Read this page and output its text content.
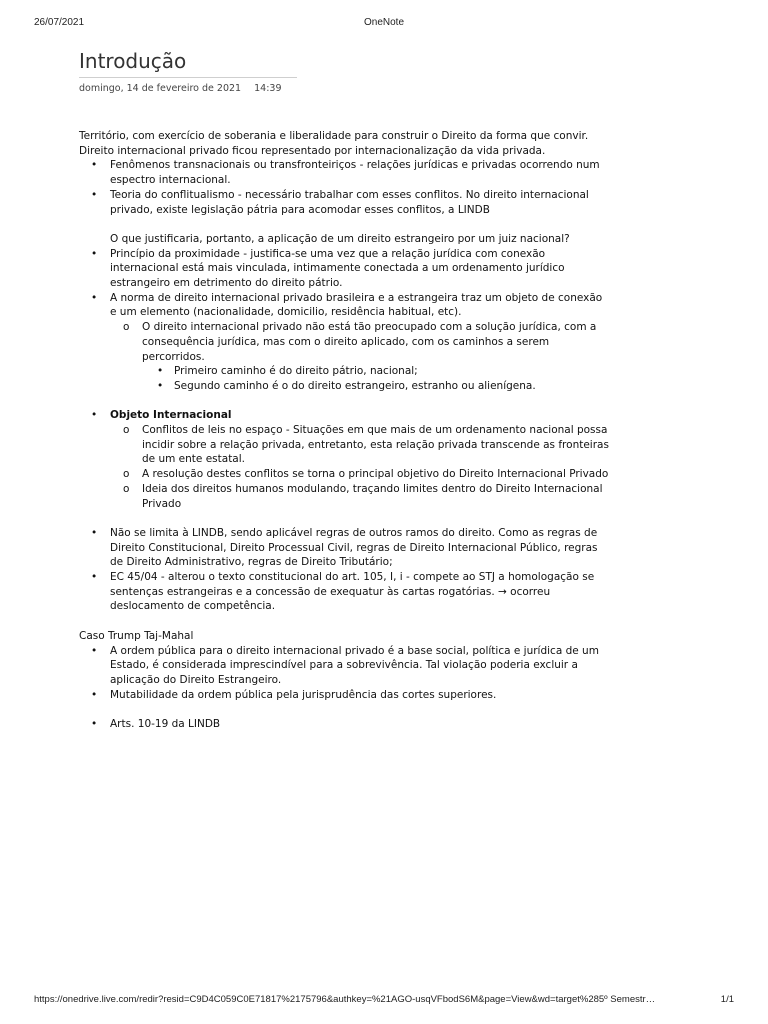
26/07/2021	OneNote
Introdução
domingo, 14 de fevereiro de 2021 14:39

Território, com exercício de soberania e liberalidade para construir o Direito da forma que convir.

Direito internacional privado ficou representado por internacionalização da vida privada.

• Fenômenos transnacionais ou transfronteiriços - relações jurídicas e privadas ocorrendo num espectro internacional.
• Teoria do conflitualismo - necessário trabalhar com esses conflitos. No direito internacional privado, existe legislação pátria para acomodar esses conflitos, a LINDB

O que justificaria, portanto, a aplicação de um direito estrangeiro por um juiz nacional?

• Princípio da proximidade - justifica-se uma vez que a relação jurídica com conexão internacional está mais vinculada, intimamente conectada a um ordenamento jurídico estrangeiro em detrimento do direito pátrio.
• A norma de direito internacional privado brasileira e a estrangeira traz um objeto de conexão e um elemento (nacionalidade, domicilio, residência habitual, etc).
o O direito internacional privado não está tão preocupado com a solução jurídica, com a consequência jurídica, mas com o direito aplicado, com os caminhos a serem percorridos.
• Primeiro caminho é do direito pátrio, nacional;
• Segundo caminho é o do direito estrangeiro, estranho ou alienígena.
• Objeto Internacional
o Conflitos de leis no espaço - Situações em que mais de um ordenamento nacional possa incidir sobre a relação privada, entretanto, esta relação privada transcende as fronteiras de um ente estatal.
o A resolução destes conflitos se torna o principal objetivo do Direito Internacional Privado
o Ideia dos direitos humanos modulando, traçando limites dentro do Direito Internacional Privado
• Não se limita à LINDB, sendo aplicável regras de outros ramos do direito. Como as regras de Direito Constitucional, Direito Processual Civil, regras de Direito Internacional Público, regras de Direito Administrativo, regras de Direito Tributário;
• EC 45/04 - alterou o texto constitucional do art. 105, I, i - compete ao STJ a homologação se sentenças estrangeiras e a concessão de exequatur às cartas rogatórias. → ocorreu deslocamento de competência.

Caso Trump Taj-Mahal

• A ordem pública para o direito internacional privado é a base social, política e jurídica de um Estado, é considerada imprescindível para a sobrevivência. Tal violação poderia excluir a aplicação do Direito Estrangeiro.
• Mutabilidade da ordem pública pela jurisprudência das cortes superiores.
• Arts. 10-19 da LINDB
https://onedrive.live.com/redir?resid=C9D4C059C0E71817%2175796&authkey=%21AGO-usqVFbodS6M&page=View&wd=target%285º Semestr…	1/1
